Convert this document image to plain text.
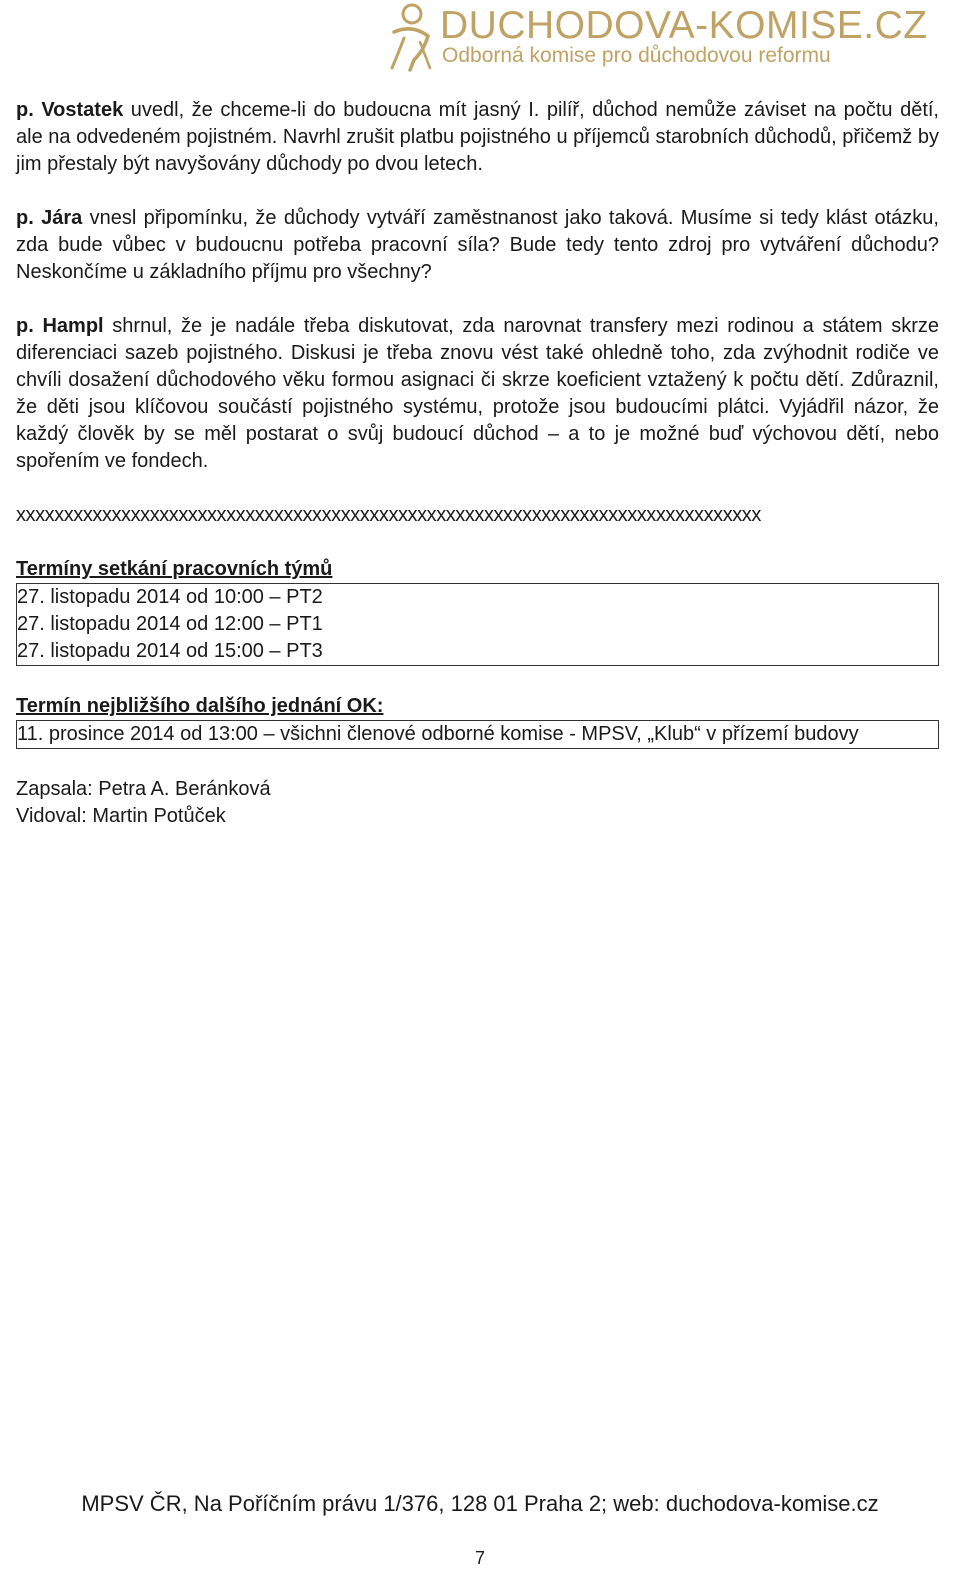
DUCHODOVA-KOMISE.CZ
Odborná komise pro důchodovou reformu

p. Vostatek uvedl, že chceme-li do budoucna mít jasný I. pilíř, důchod nemůže záviset na počtu dětí, ale na odvedeném pojistném. Navrhl zrušit platbu pojistného u příjemců starobních důchodů, přičemž by jim přestaly být navyšovány důchody po dvou letech.

p. Jára vnesl připomínku, že důchody vytváří zaměstnanost jako taková. Musíme si tedy klást otázku, zda bude vůbec v budoucnu potřeba pracovní síla? Bude tedy tento zdroj pro vytváření důchodu? Neskončíme u základního příjmu pro všechny?

p. Hampl shrnul, že je nadále třeba diskutovat, zda narovnat transfery mezi rodinou a státem skrze diferenciaci sazeb pojistného. Diskusi je třeba znovu vést také ohledně toho, zda zvýhodnit rodiče ve chvíli dosažení důchodového věku formou asignaci či skrze koeficient vztažený k počtu dětí. Zdůraznil, že děti jsou klíčovou součástí pojistného systému, protože jsou budoucími plátci. Vyjádřil názor, že každý člověk by se měl postarat o svůj budoucí důchod – a to je možné buď výchovou dětí, nebo spořením ve fondech.

xxxxxxxxxxxxxxxxxxxxxxxxxxxxxxxxxxxxxxxxxxxxxxxxxxxxxxxxxxxxxxxxxxxxxxxxxxxxxx
Termíny setkání pracovních týmů
27. listopadu 2014 od 10:00 – PT2
27. listopadu 2014 od 12:00 – PT1
27. listopadu 2014 od 15:00 – PT3
Termín nejbližšího dalšího jednání OK:
11. prosince 2014 od 13:00 – všichni členové odborné komise - MPSV, „Klub“ v přízemí budovy
Zapsala: Petra A. Beránková
Vidoval: Martin Potůček
MPSV ČR, Na Poříčním právu 1/376, 128 01 Praha 2; web: duchodova-komise.cz
7
